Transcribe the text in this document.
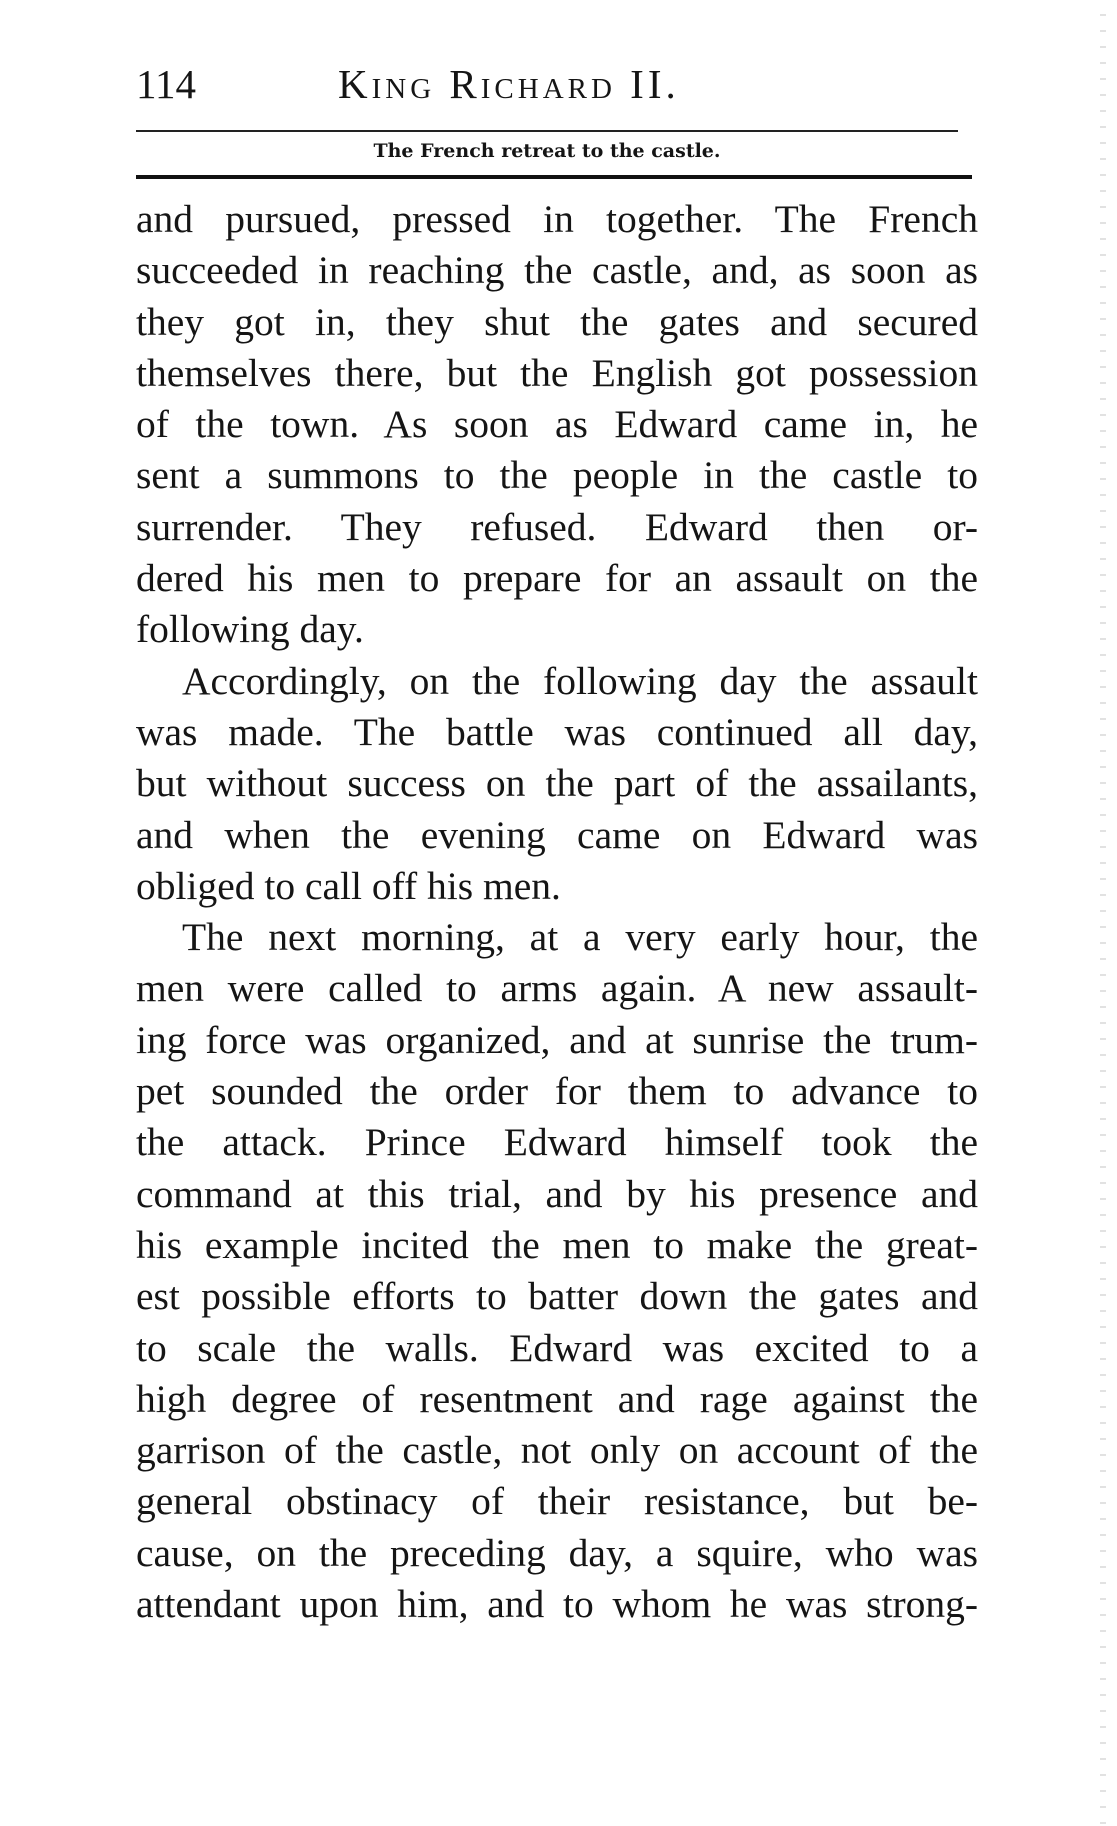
114	King Richard II.
The French retreat to the castle.
and pursued, pressed in together. The French
succeeded in reaching the castle, and, as soon as
they got in, they shut the gates and secured
themselves there, but the English got possession
of the town. As soon as Edward came in, he
sent a summons to the people in the castle to
surrender. They refused. Edward then or-
dered his men to prepare for an assault on the
following day.
Accordingly, on the following day the assault
was made. The battle was continued all day,
but without success on the part of the assailants,
and when the evening came on Edward was
obliged to call off his men.
The next morning, at a very early hour, the
men were called to arms again. A new assault-
ing force was organized, and at sunrise the trum-
pet sounded the order for them to advance to
the attack. Prince Edward himself took the
command at this trial, and by his presence and
his example incited the men to make the great-
est possible efforts to batter down the gates and
to scale the walls. Edward was excited to a
high degree of resentment and rage against the
garrison of the castle, not only on account of the
general obstinacy of their resistance, but be-
cause, on the preceding day, a squire, who was
attendant upon him, and to whom he was strong-
